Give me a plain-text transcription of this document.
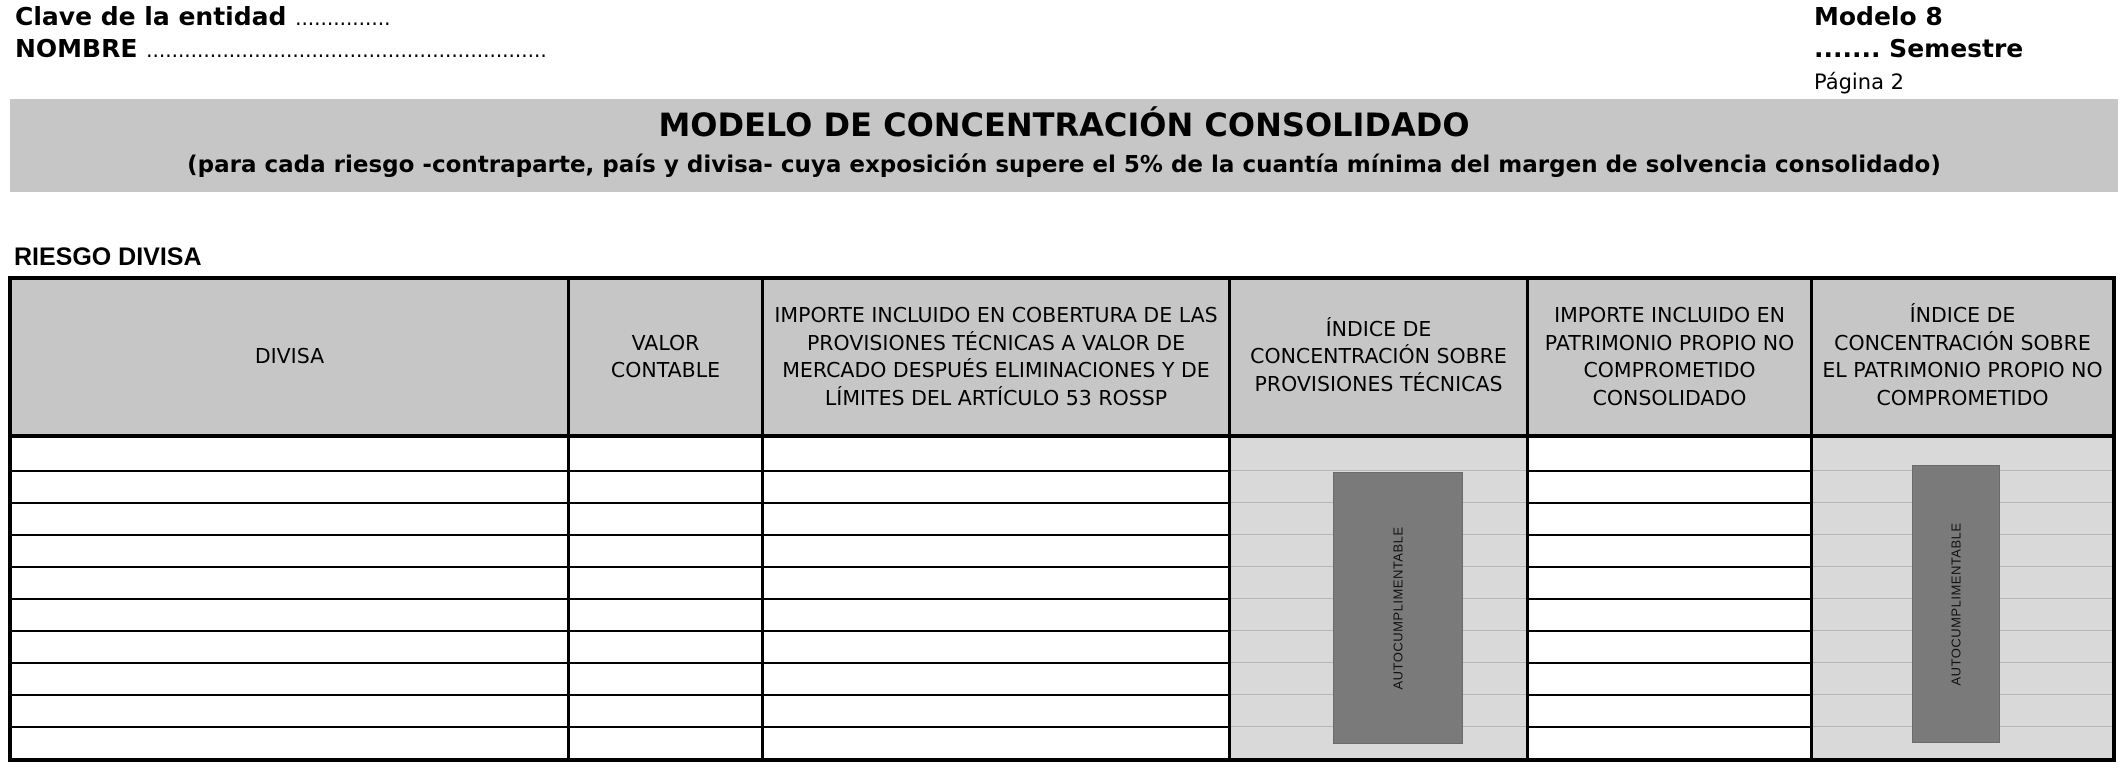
Clave de la entidad ...............
NOMBRE ...............................................................
Modelo 8
....... Semestre
Página 2
MODELO DE CONCENTRACIÓN CONSOLIDADO
(para cada riesgo -contraparte, país y divisa- cuya exposición supere el 5% de la cuantía mínima del margen de solvencia consolidado)
RIESGO DIVISA
DIVISA
VALOR CONTABLE
IMPORTE INCLUIDO EN COBERTURA DE LAS PROVISIONES TÉCNICAS A VALOR DE MERCADO DESPUÉS ELIMINACIONES Y DE LÍMITES DEL ARTÍCULO 53 ROSSP
ÍNDICE DE CONCENTRACIÓN SOBRE PROVISIONES TÉCNICAS
AUTOCUMPLIMENTABLE
IMPORTE INCLUIDO EN PATRIMONIO PROPIO NO COMPROMETIDO CONSOLIDADO
ÍNDICE DE CONCENTRACIÓN SOBRE EL PATRIMONIO PROPIO NO COMPROMETIDO
AUTOCUMPLIMENTABLE
